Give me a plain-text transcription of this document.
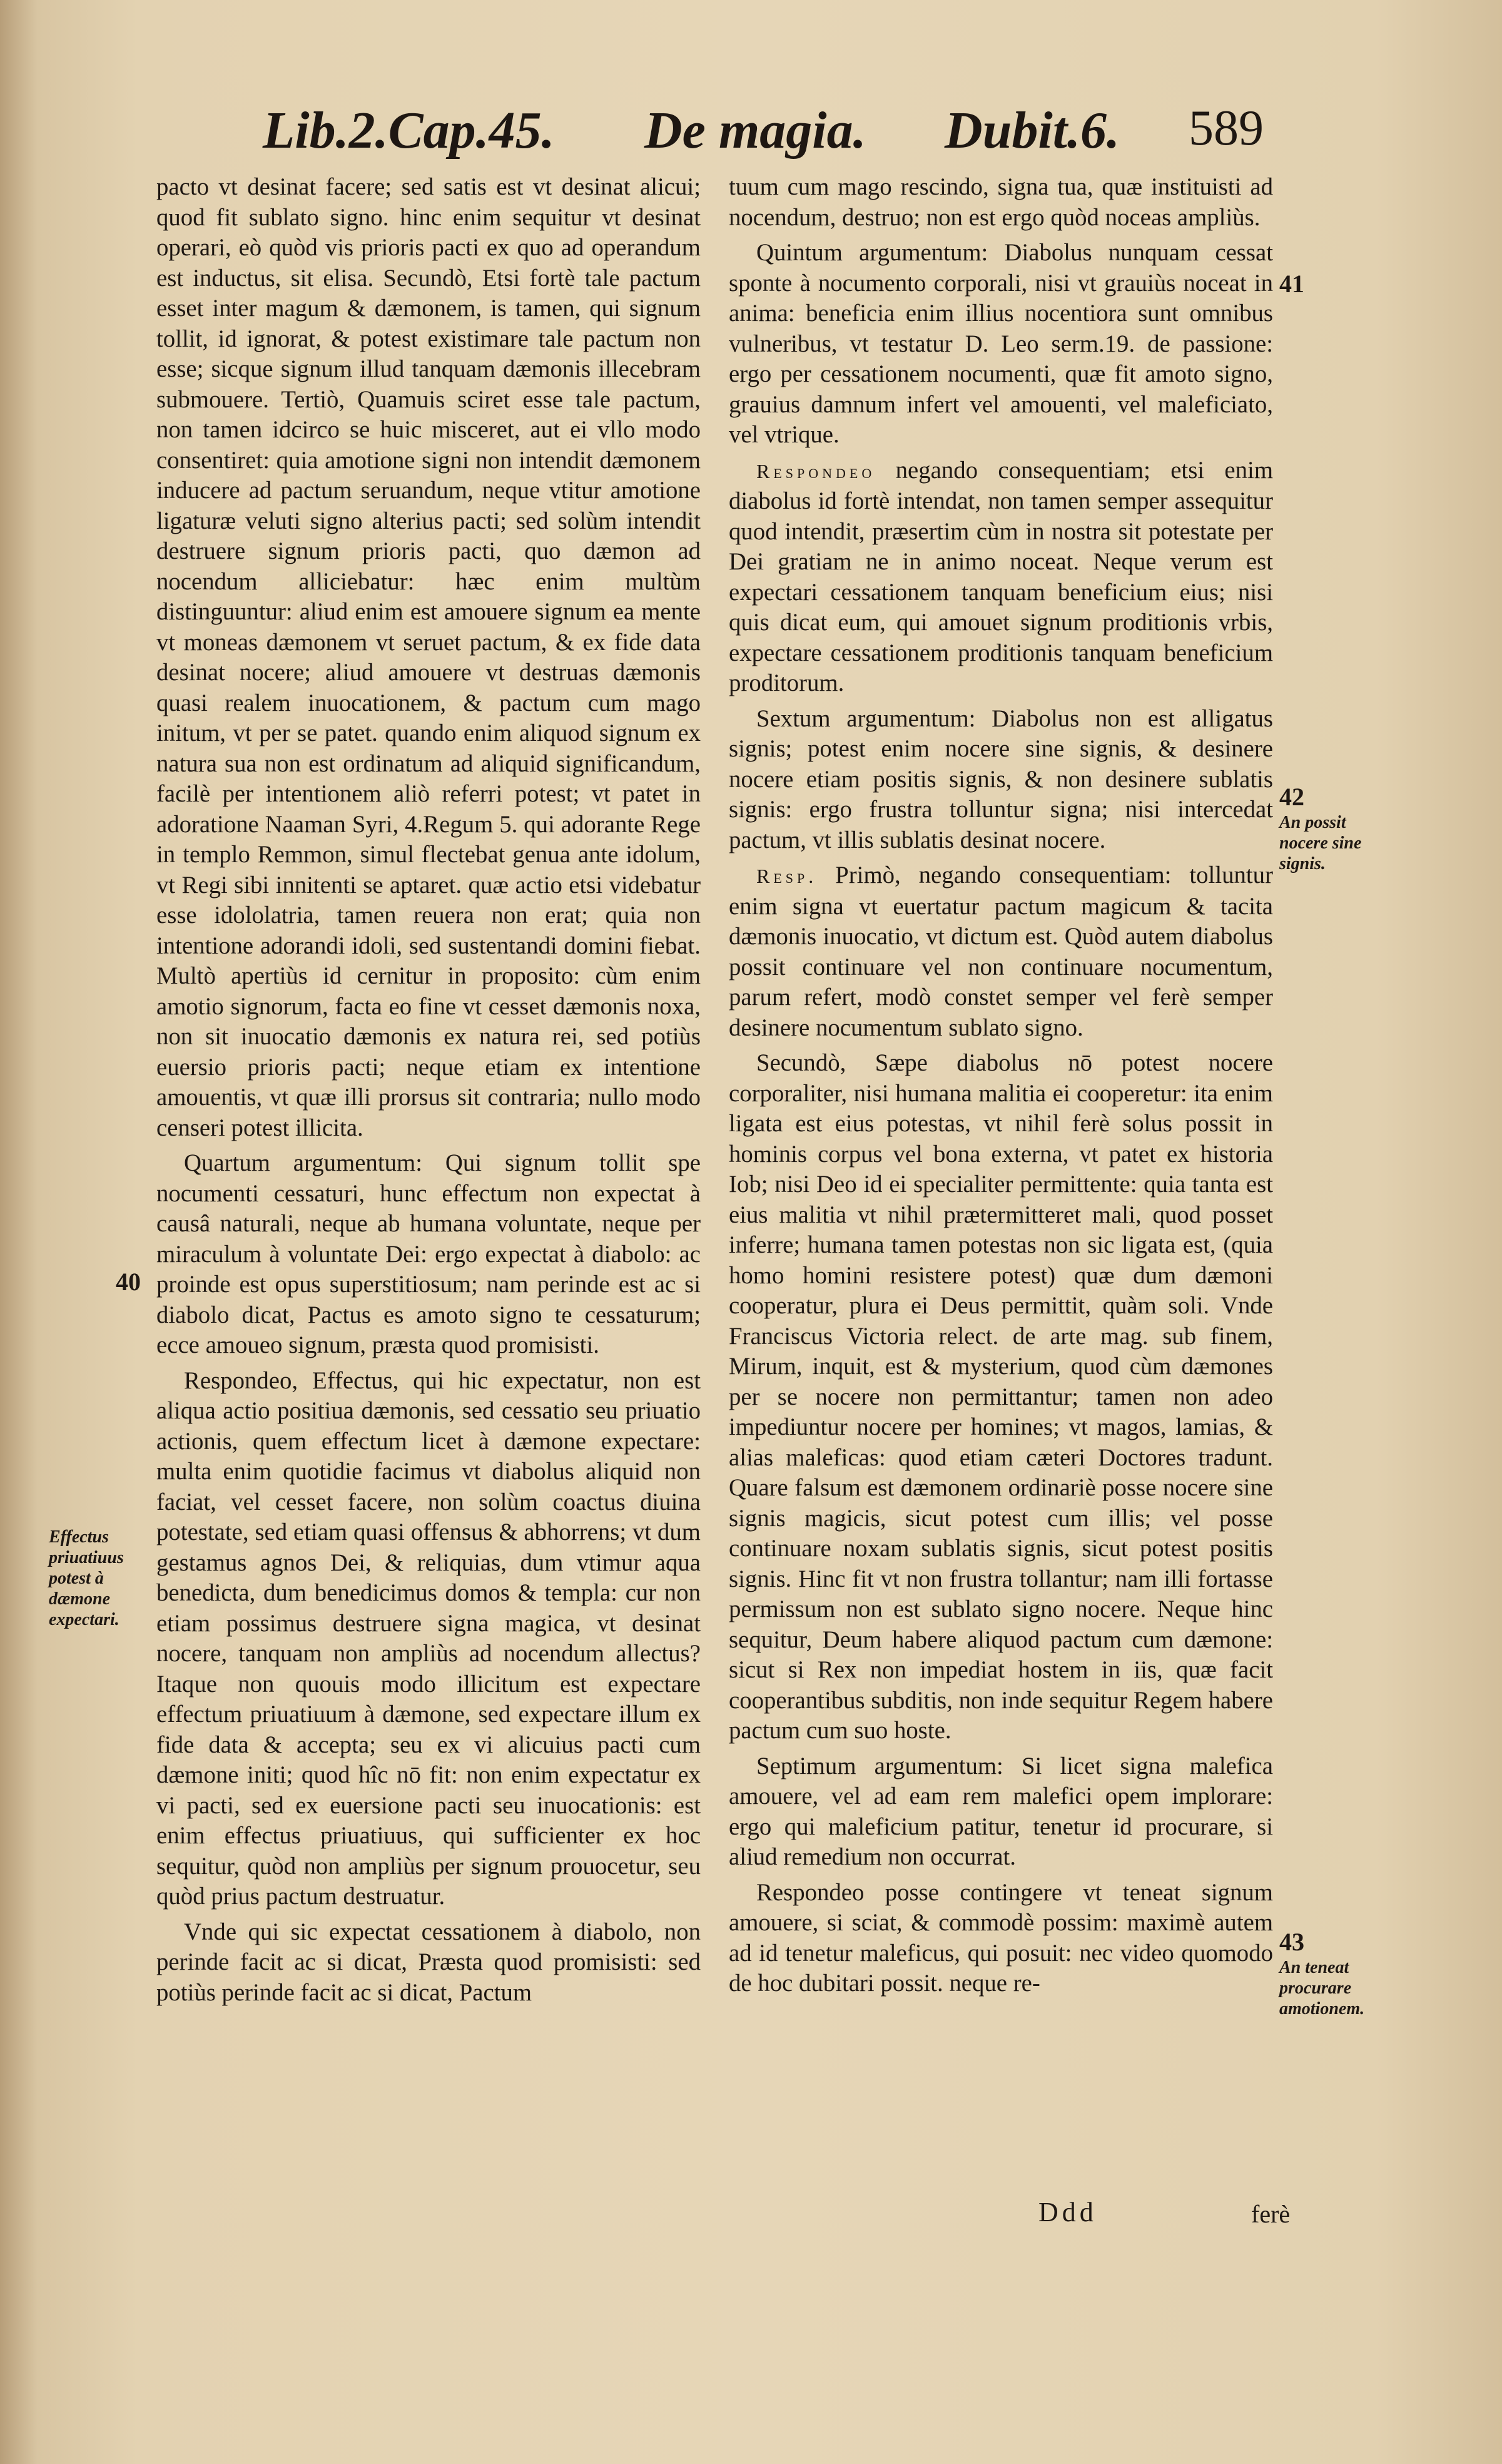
Lib.2.Cap.45. De magia. Dubit.6. 589

pacto vt desinat facere; sed satis est vt desinat alicui; quod fit sublato signo. hinc enim sequitur vt desinat operari, eò quòd vis prioris pacti ex quo ad operandum est inductus, sit elisa. Secundò, Etsi fortè tale pactum esset inter magum & dæmonem, is tamen, qui signum tollit, id ignorat, & potest existimare tale pactum non esse; sicque signum illud tanquam dæmonis illecebram submouere. Tertiò, Quamuis sciret esse tale pactum, non tamen idcirco se huic misceret, aut ei vllo modo consentiret: quia amotione signi non intendit dæmonem inducere ad pactum seruandum, neque vtitur amotione ligaturæ veluti signo alterius pacti; sed solùm intendit destruere signum prioris pacti, quo dæmon ad nocendum alliciebatur: hæc enim multùm distinguuntur: aliud enim est amouere signum ea mente vt moneas dæmonem vt seruet pactum, & ex fide data desinat nocere; aliud amouere vt destruas dæmonis quasi realem inuocationem, & pactum cum mago initum, vt per se patet. quando enim aliquod signum ex natura sua non est ordinatum ad aliquid significandum, facilè per intentionem aliò referri potest; vt patet in adoratione Naaman Syri, 4.Regum 5. qui adorante Rege in templo Remmon, simul flectebat genua ante idolum, vt Regi sibi innitenti se aptaret. quæ actio etsi videbatur esse idololatria, tamen reuera non erat; quia non intentione adorandi idoli, sed sustentandi domini fiebat. Multò apertiùs id cernitur in proposito: cùm enim amotio signorum, facta eo fine vt cesset dæmonis noxa, non sit inuocatio dæmonis ex natura rei, sed potiùs euersio prioris pacti; neque etiam ex intentione amouentis, vt quæ illi prorsus sit contraria; nullo modo censeri potest illicita.

Quartum argumentum: Qui signum tollit spe nocumenti cessaturi, hunc effectum non expectat à causâ naturali, neque ab humana voluntate, neque per miraculum à voluntate Dei: ergo expectat à diabolo: ac proinde est opus superstitiosum; nam perinde est ac si diabolo dicat, Pactus es amoto signo te cessaturum; ecce amoueo signum, præsta quod promisisti.

Respondeo, Effectus, qui hic expectatur, non est aliqua actio positiua dæmonis, sed cessatio seu priuatio actionis, quem effectum licet à dæmone expectare: multa enim quotidie facimus vt diabolus aliquid non faciat, vel cesset facere, non solùm coactus diuina potestate, sed etiam quasi offensus & abhorrens; vt dum gestamus agnos Dei, & reliquias, dum vtimur aqua benedicta, dum benedicimus domos & templa: cur non etiam possimus destruere signa magica, vt desinat nocere, tanquam non ampliùs ad nocendum allectus? Itaque non quouis modo illicitum est expectare effectum priuatiuum à dæmone, sed expectare illum ex fide data & accepta; seu ex vi alicuius pacti cum dæmone initi; quod hîc nō fit: non enim expectatur ex vi pacti, sed ex euersione pacti seu inuocationis: est enim effectus priuatiuus, qui sufficienter ex hoc sequitur, quòd non ampliùs per signum prouocetur, seu quòd prius pactum destruatur.

Vnde qui sic expectat cessationem à diabolo, non perinde facit ac si dicat, Præsta quod promisisti: sed potiùs perinde facit ac si dicat, Pactum

tuum cum mago rescindo, signa tua, quæ instituisti ad nocendum, destruo; non est ergo quòd noceas ampliùs.

Quintum argumentum: Diabolus nunquam cessat sponte à nocumento corporali, nisi vt grauiùs noceat in anima: beneficia enim illius nocentiora sunt omnibus vulneribus, vt testatur D. Leo serm.19. de passione: ergo per cessationem nocumenti, quæ fit amoto signo, grauius damnum infert vel amouenti, vel maleficiato, vel vtrique.

Respondeo negando consequentiam; etsi enim diabolus id fortè intendat, non tamen semper assequitur quod intendit, præsertim cùm in nostra sit potestate per Dei gratiam ne in animo noceat. Neque verum est expectari cessationem tanquam beneficium eius; nisi quis dicat eum, qui amouet signum proditionis vrbis, expectare cessationem proditionis tanquam beneficium proditorum.

Sextum argumentum: Diabolus non est alligatus signis; potest enim nocere sine signis, & desinere nocere etiam positis signis, & non desinere sublatis signis: ergo frustra tolluntur signa; nisi intercedat pactum, vt illis sublatis desinat nocere.

Resp. Primò, negando consequentiam: tolluntur enim signa vt euertatur pactum magicum & tacita dæmonis inuocatio, vt dictum est. Quòd autem diabolus possit continuare vel non continuare nocumentum, parum refert, modò constet semper vel ferè semper desinere nocumentum sublato signo.

Secundò, Sæpe diabolus nō potest nocere corporaliter, nisi humana malitia ei cooperetur: ita enim ligata est eius potestas, vt nihil ferè solus possit in hominis corpus vel bona externa, vt patet ex historia Iob; nisi Deo id ei specialiter permittente: quia tanta est eius malitia vt nihil prætermitteret mali, quod posset inferre; humana tamen potestas non sic ligata est, (quia homo homini resistere potest) quæ dum dæmoni cooperatur, plura ei Deus permittit, quàm soli. Vnde Franciscus Victoria relect. de arte mag. sub finem, Mirum, inquit, est & mysterium, quod cùm dæmones per se nocere non permittantur; tamen non adeo impediuntur nocere per homines; vt magos, lamias, & alias maleficas: quod etiam cæteri Doctores tradunt. Quare falsum est dæmonem ordinariè posse nocere sine signis magicis, sicut potest cum illis; vel posse continuare noxam sublatis signis, sicut potest positis signis. Hinc fit vt non frustra tollantur; nam illi fortasse permissum non est sublato signo nocere. Neque hinc sequitur, Deum habere aliquod pactum cum dæmone: sicut si Rex non impediat hostem in iis, quæ facit cooperantibus subditis, non inde sequitur Regem habere pactum cum suo hoste.

Septimum argumentum: Si licet signa malefica amouere, vel ad eam rem malefici opem implorare: ergo qui maleficium patitur, tenetur id procurare, si aliud remedium non occurrat.

Respondeo posse contingere vt teneat signum amouere, si sciat, & commodè possim: maximè autem ad id tenetur maleficus, qui posuit: nec video quomodo de hoc dubitari possit. neque re-

40
Effectus priuatiuus potest à dæmone expectari.
41
42
An possit nocere sine signis.
43
An teneat procurare amotionem.
Ddd	ferè
